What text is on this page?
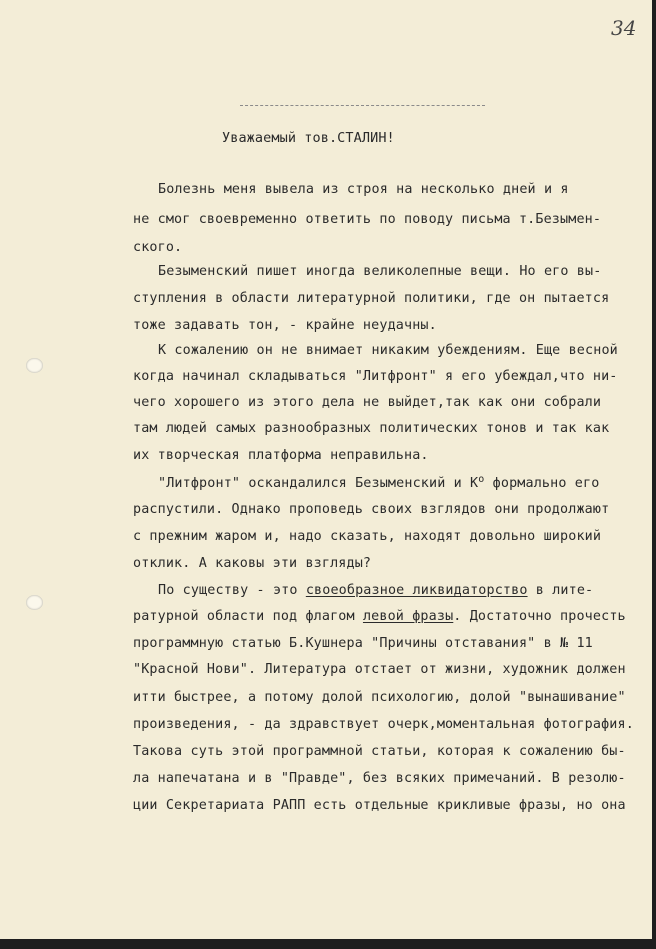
34
Уважаемый тов.СТАЛИН!
Болезнь меня вывела из строя на несколько дней и я
не смог своевременно ответить по поводу письма т.Безымен-
ского.
Безыменский пишет иногда великолепные вещи. Но его вы-
ступления в области литературной политики, где он пытается
тоже задавать тон, - крайне неудачны.
К сожалению он не внимает никаким убеждениям. Еще весной
когда начинал складываться "Литфронт" я его убеждал,что ни-
чего хорошего из этого дела не выйдет,так как они собрали
там людей самых разнообразных политических тонов и так как
их творческая платформа неправильна.
"Литфронт" оскандалился Безыменский и $К^о$ формально его
распустили. Однако проповедь своих взглядов они продолжают
с прежним жаром и, надо сказать, находят довольно широкий
отклик. А каковы эти взгляды?
По существу - это своеобразное ликвидаторство в лите-
ратурной области под флагом левой фразы. Достаточно прочесть
программную статью Б.Кушнера "Причины отставания" в № 11
"Красной Нови". Литература отстает от жизни, художник должен
итти быстрее, а потому долой психологию, долой "вынашивание"
произведения, - да здравствует очерк,моментальная фотография.
Такова суть этой программной статьи, которая к сожалению бы-
ла напечатана и в "Правде", без всяких примечаний. В резолю-
ции Секретариата РАПП есть отдельные крикливые фразы, но она
